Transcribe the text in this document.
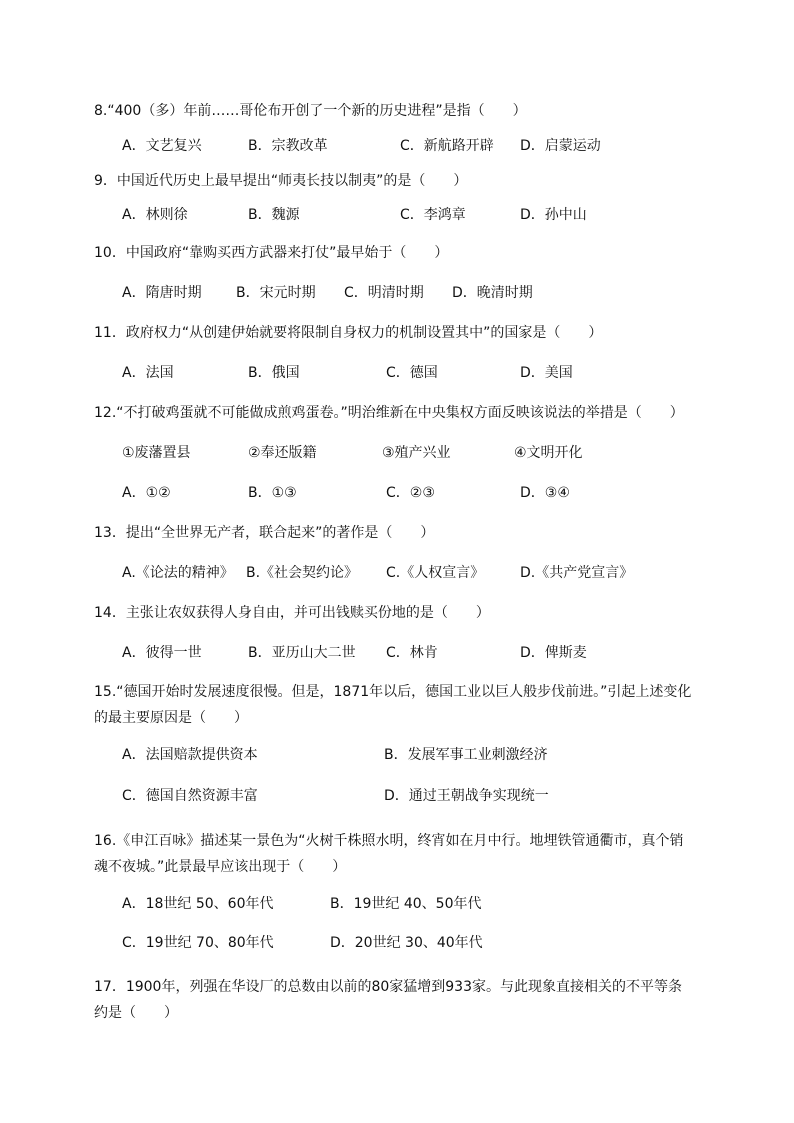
8.“400（多）年前……哥伦布开创了一个新的历史进程”是指（　　）
A．文艺复兴	B．宗教改革	C．新航路开辟 D．启蒙运动
9．中国近代历史上最早提出“师夷长技以制夷”的是（　　）
A．林则徐	B．魏源	C．李鸿章	D．孙中山
10．中国政府“靠购买西方武器来打仗”最早始于（　　）
A．隋唐时期 B．宋元时期 C．明清时期 D．晚清时期
11．政府权力“从创建伊始就要将限制自身权力的机制设置其中”的国家是（　　）
A．法国	B．俄国	C．德国	D．美国
12.“不打破鸡蛋就不可能做成煎鸡蛋卷。”明治维新在中央集权方面反映该说法的举措是（　　）
①废藩置县	②奉还版籍	③殖产兴业	④文明开化
A．①②	B．①③	C．②③	D．③④
13．提出“全世界无产者，联合起来”的著作是（　　）
A.《论法的精神》 B.《社会契约论》 C.《人权宣言》	D.《共产党宣言》
14．主张让农奴获得人身自由，并可出钱赎买份地的是（　　）
A．彼得一世	B．亚历山大二世 C．林肯	D．俾斯麦
15.“德国开始时发展速度很慢。但是，1871年以后，德国工业以巨人般步伐前进。”引起上述变化的最主要原因是（　　）
A．法国赔款提供资本	B．发展军事工业刺激经济
C．德国自然资源丰富	D．通过王朝战争实现统一
16.《申江百咏》描述某一景色为“火树千株照水明，终宵如在月中行。地埋铁管通衢市，真个销魂不夜城。”此景最早应该出现于（　　）
A．18世纪 50、60年代	B．19世纪 40、50年代
C．19世纪 70、80年代	D．20世纪 30、40年代
17．1900年，列强在华设厂的总数由以前的80家猛增到933家。与此现象直接相关的不平等条约是（　　）
